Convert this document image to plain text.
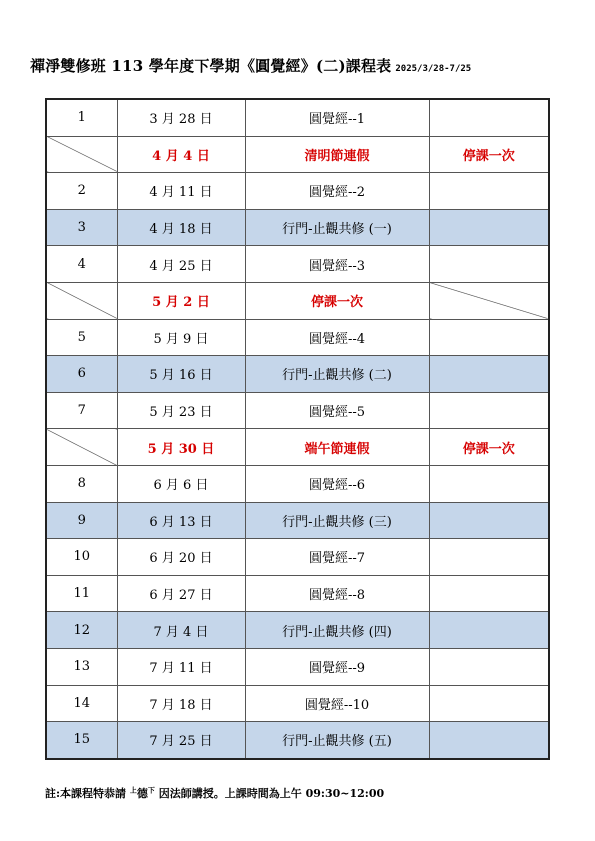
禪淨雙修班 113 學年度下學期《圓覺經》(二)課程表 2025/3/28-7/25
1	3 月 28 日	圓覺經--1	
	4 月 4 日	清明節連假	停課一次
2	4 月 11 日	圓覺經--2	
3	4 月 18 日	行門-止觀共修 (一)	
4	4 月 25 日	圓覺經--3	
	5 月 2 日	停課一次	
5	5 月 9 日	圓覺經--4	
6	5 月 16 日	行門-止觀共修 (二)	
7	5 月 23 日	圓覺經--5	
	5 月 30 日	端午節連假	停課一次
8	6 月 6 日	圓覺經--6	
9	6 月 13 日	行門-止觀共修 (三)	
10	6 月 20 日	圓覺經--7	
11	6 月 27 日	圓覺經--8	
12	7 月 4 日	行門-止觀共修 (四)	
13	7 月 11 日	圓覺經--9	
14	7 月 18 日	圓覺經--10	
15	7 月 25 日	行門-止觀共修 (五)	
註:本課程特恭請 $^上$德$^下$ 因法師講授。上課時間為上午 09:30~12:00
